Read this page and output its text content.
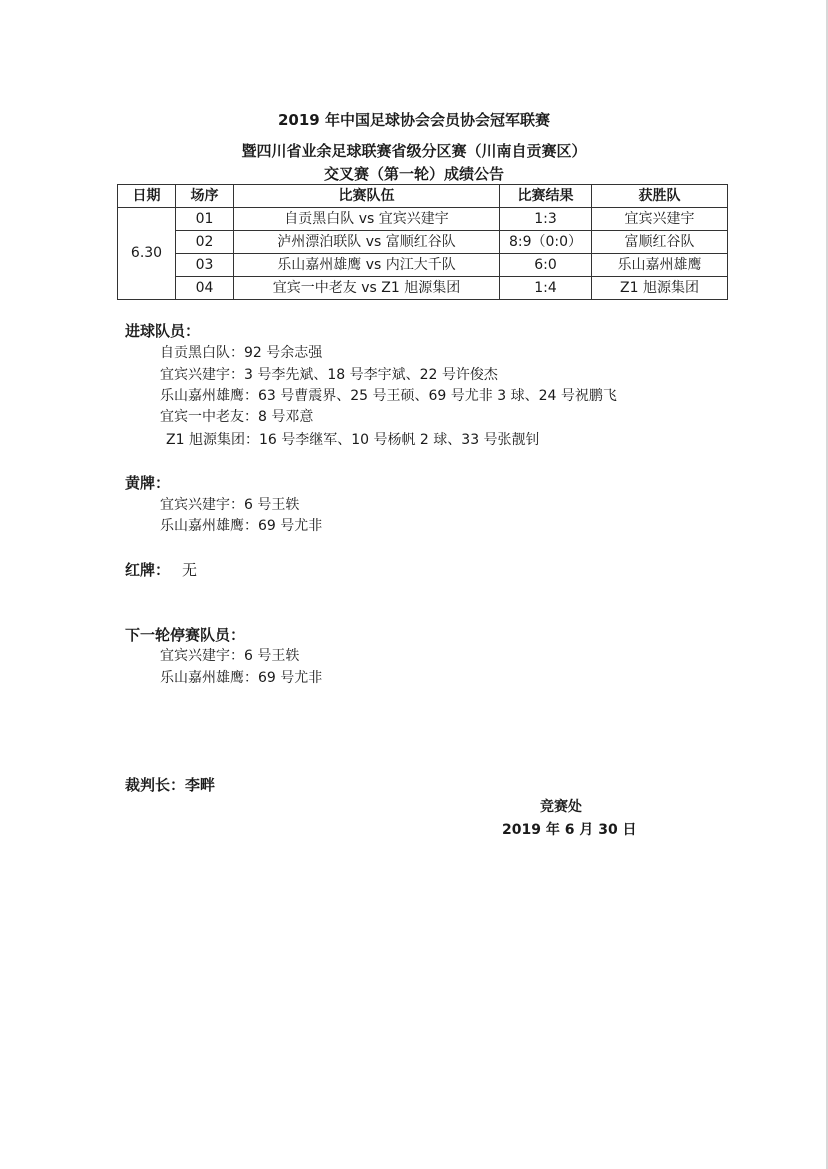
2019 年中国足球协会会员协会冠军联赛
暨四川省业余足球联赛省级分区赛（川南自贡赛区）
交叉赛（第一轮）成绩公告
日期	场序	比赛队伍	比赛结果	获胜队
6.30	01	自贡黑白队 vs 宜宾兴建宇	1:3	宜宾兴建宇
	02	泸州漂泊联队 vs 富顺红谷队	8:9（0:0）	富顺红谷队
	03	乐山嘉州雄鹰 vs 内江大千队	6:0	乐山嘉州雄鹰
	04	宜宾一中老友 vs Z1 旭源集团	1:4	Z1 旭源集团
进球队员：
自贡黑白队：92 号余志强
宜宾兴建宇：3 号李先斌、18 号李宇斌、22 号许俊杰
乐山嘉州雄鹰：63 号曹震界、25 号王硕、69 号尤非 3 球、24 号祝鹏飞
宜宾一中老友：8 号邓意
Z1 旭源集团：16 号李继军、10 号杨帆 2 球、33 号张靓钊
黄牌：
宜宾兴建宇：6 号王轶
乐山嘉州雄鹰：69 号尤非
红牌： 无
下一轮停赛队员：
宜宾兴建宇：6 号王轶
乐山嘉州雄鹰：69 号尤非
裁判长：李畔
竞赛处
2019 年 6 月 30 日
